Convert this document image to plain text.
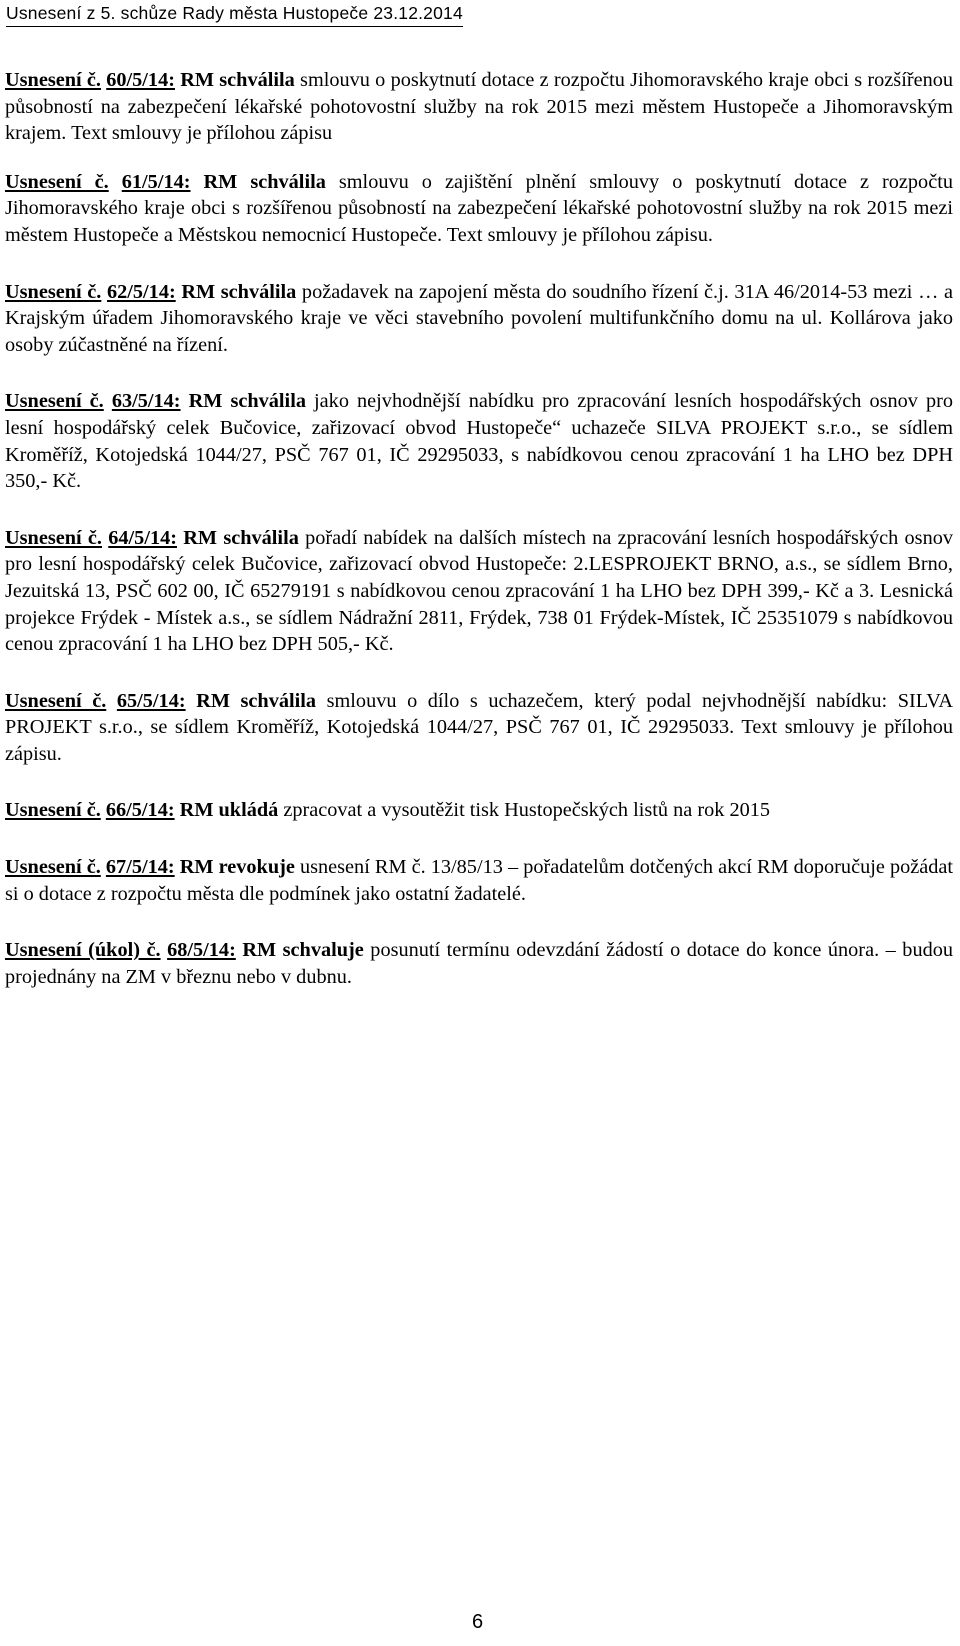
Usnesení z 5. schůze Rady města Hustopeče 23.12.2014

Usnesení č. 60/5/14: RM schválila smlouvu o poskytnutí dotace z rozpočtu Jihomoravského kraje obci s rozšířenou působností na zabezpečení lékařské pohotovostní služby na rok 2015 mezi městem Hustopeče a Jihomoravským krajem. Text smlouvy je přílohou zápisu

Usnesení č. 61/5/14: RM schválila smlouvu o zajištění plnění smlouvy o poskytnutí dotace z rozpočtu Jihomoravského kraje obci s rozšířenou působností na zabezpečení lékařské pohotovostní služby na rok 2015 mezi městem Hustopeče a Městskou nemocnicí Hustopeče. Text smlouvy je přílohou zápisu.

Usnesení č. 62/5/14: RM schválila požadavek na zapojení města do soudního řízení č.j. 31A 46/2014-53 mezi … a Krajským úřadem Jihomoravského kraje ve věci stavebního povolení multifunkčního domu na ul. Kollárova jako osoby zúčastněné na řízení.

Usnesení č. 63/5/14: RM schválila jako nejvhodnější nabídku pro zpracování lesních hospodářských osnov pro lesní hospodářský celek Bučovice, zařizovací obvod Hustopeče“ uchazeče SILVA PROJEKT s.r.o., se sídlem Kroměříž, Kotojedská 1044/27, PSČ 767 01, IČ 29295033, s nabídkovou cenou zpracování 1 ha LHO bez DPH 350,- Kč.

Usnesení č. 64/5/14: RM schválila pořadí nabídek na dalších místech na zpracování lesních hospodářských osnov pro lesní hospodářský celek Bučovice, zařizovací obvod Hustopeče: 2.LESPROJEKT BRNO, a.s., se sídlem Brno, Jezuitská 13, PSČ 602 00, IČ 65279191 s nabídkovou cenou zpracování 1 ha LHO bez DPH 399,- Kč a 3. Lesnická projekce Frýdek - Místek a.s., se sídlem Nádražní 2811, Frýdek, 738 01 Frýdek-Místek, IČ 25351079 s nabídkovou cenou zpracování 1 ha LHO bez DPH 505,- Kč.

Usnesení č. 65/5/14: RM schválila smlouvu o dílo s uchazečem, který podal nejvhodnější nabídku: SILVA PROJEKT s.r.o., se sídlem Kroměříž, Kotojedská 1044/27, PSČ 767 01, IČ 29295033. Text smlouvy je přílohou zápisu.

Usnesení č. 66/5/14: RM ukládá zpracovat a vysoutěžit tisk Hustopečských listů na rok 2015

Usnesení č. 67/5/14: RM revokuje usnesení RM č. 13/85/13 – pořadatelům dotčených akcí RM doporučuje požádat si o dotace z rozpočtu města dle podmínek jako ostatní žadatelé.

Usnesení (úkol) č. 68/5/14: RM schvaluje posunutí termínu odevzdání žádostí o dotace do konce února. – budou projednány na ZM v březnu nebo v dubnu.

6
